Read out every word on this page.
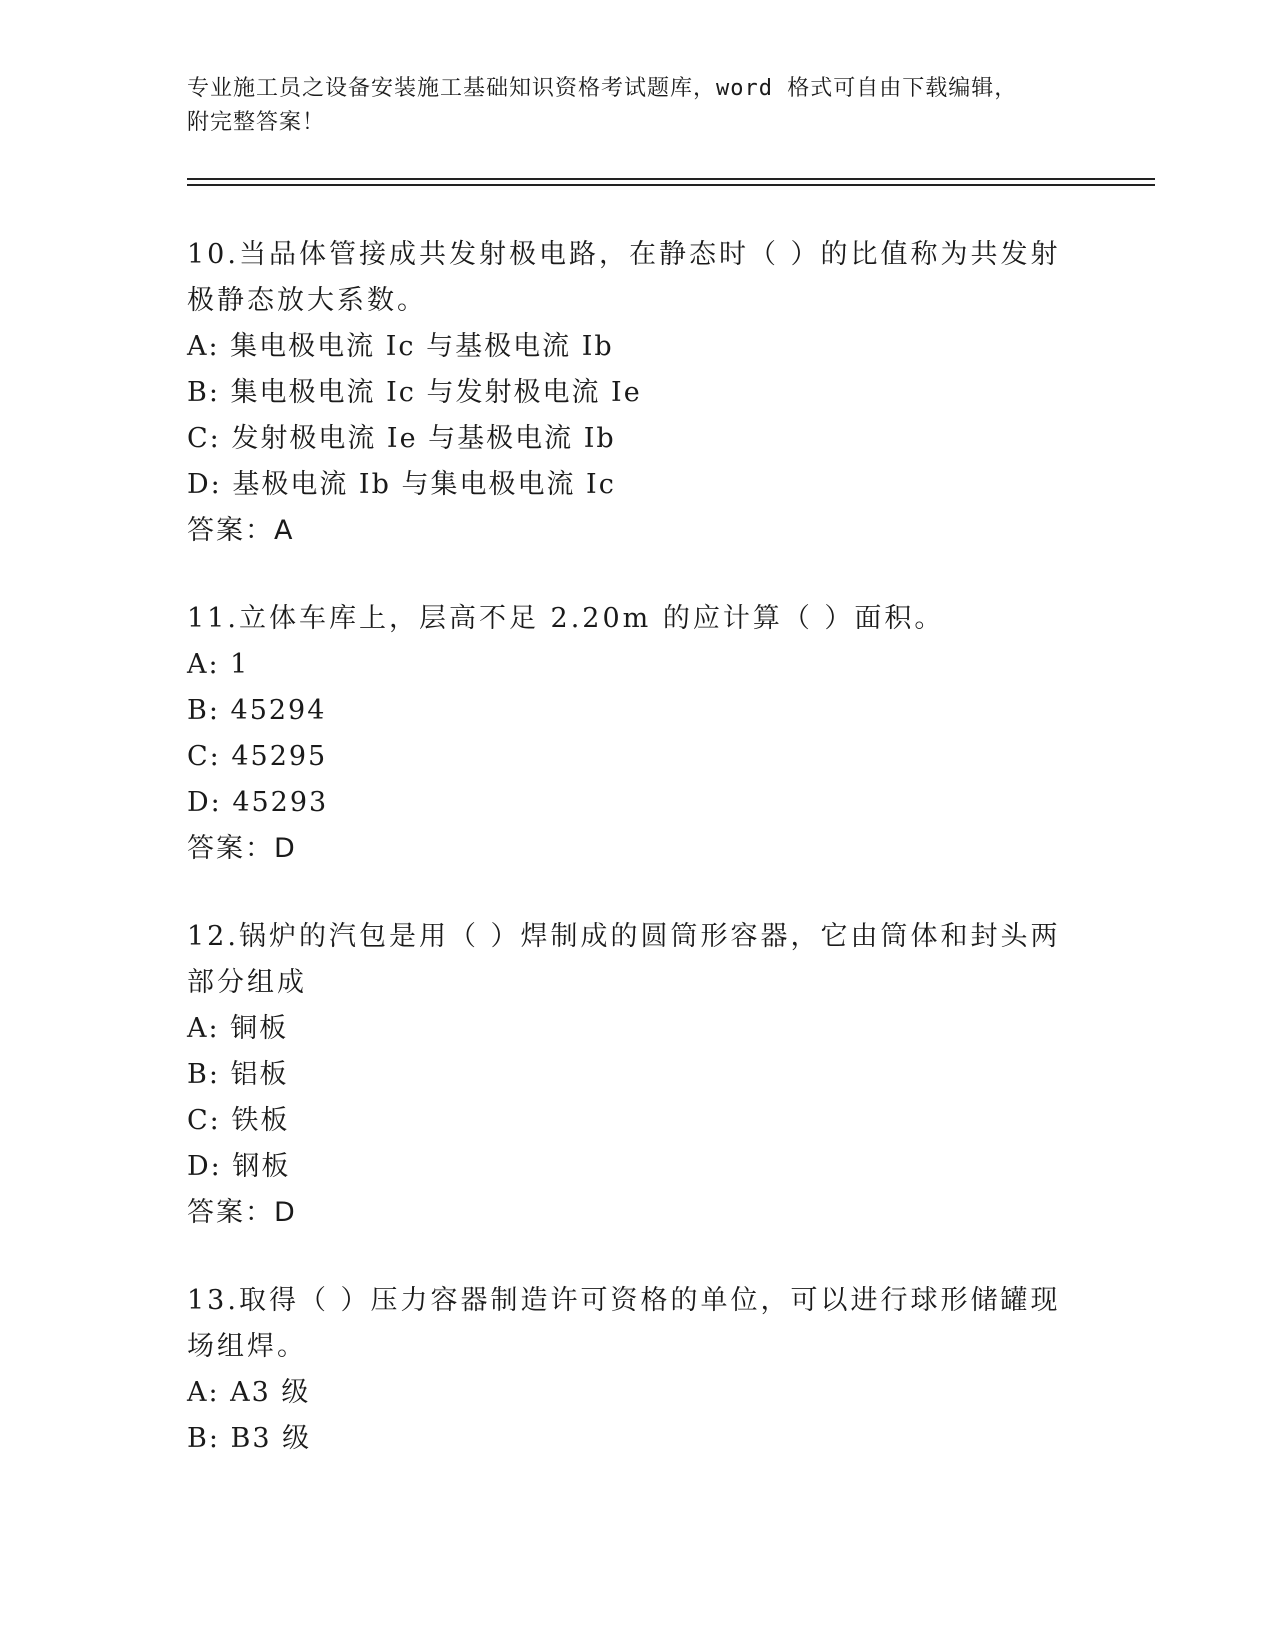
专业施工员之设备安装施工基础知识资格考试题库，word 格式可自由下载编辑，
附完整答案！
10.当品体管接成共发射极电路，在静态时（ ）的比值称为共发射极静态放大系数。
A: 集电极电流 Ic 与基极电流 Ib
B: 集电极电流 Ic 与发射极电流 Ie
C: 发射极电流 Ie 与基极电流 Ib
D: 基极电流 Ib 与集电极电流 Ic
答案：A
11.立体车库上，层高不足 2.20m 的应计算（ ）面积。
A: 1
B: 45294
C: 45295
D: 45293
答案：D
12.锅炉的汽包是用（ ）焊制成的圆筒形容器，它由筒体和封头两部分组成
A: 铜板
B: 铝板
C: 铁板
D: 钢板
答案：D
13.取得（ ）压力容器制造许可资格的单位，可以进行球形储罐现场组焊。
A: A3 级
B: B3 级
